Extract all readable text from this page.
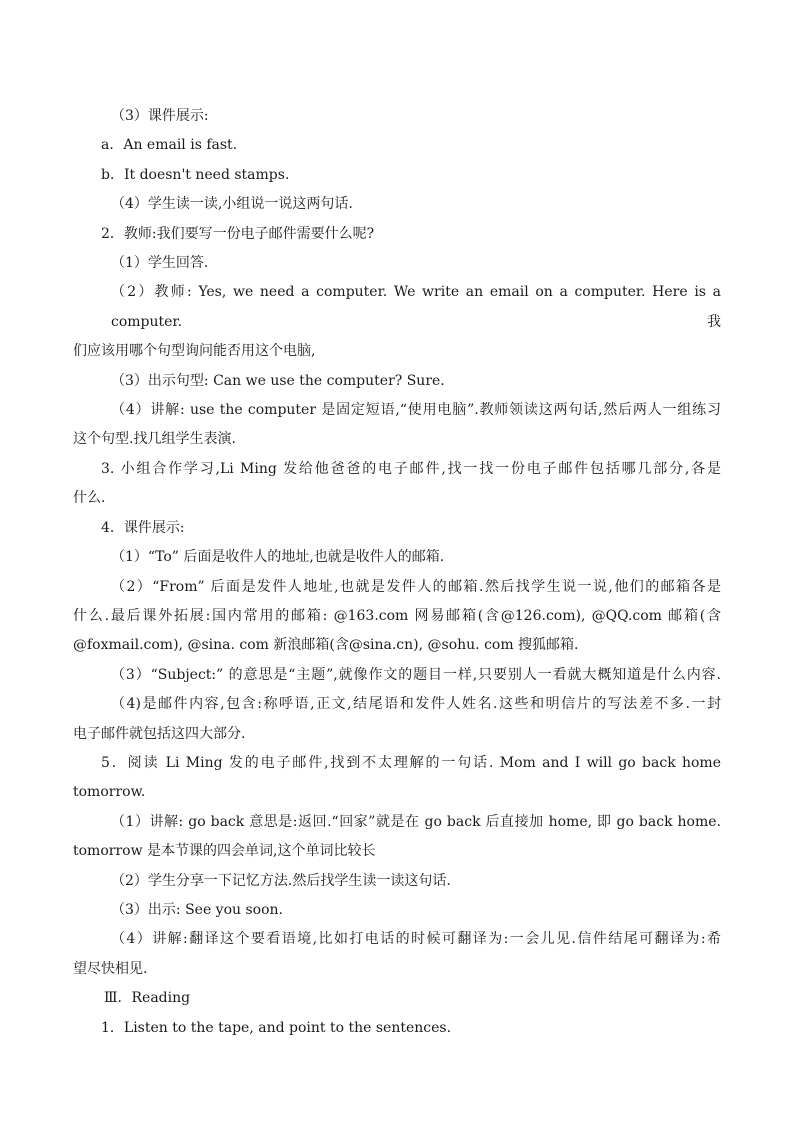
（3）课件展示:

a．An email is fast.

b．It doesn't need stamps.

（4）学生读一读,小组说一说这两句话.

2．教师:我们要写一份电子邮件需要什么呢?

（1）学生回答.

（2）教师: Yes, we need a computer. We write an email on a computer. Here is a computer. 我

们应该用哪个句型询问能否用这个电脑,

（3）出示句型: Can we use the computer? Sure.

（4）讲解: use the computer 是固定短语,“使用电脑”.教师领读这两句话,然后两人一组练习

这个句型.找几组学生表演.

3. 小组合作学习,Li Ming 发给他爸爸的电子邮件,找一找一份电子邮件包括哪几部分,各是

什么.

4．课件展示:

（1）“To” 后面是收件人的地址,也就是收件人的邮箱.

（2）“From” 后面是发件人地址,也就是发件人的邮箱.然后找学生说一说,他们的邮箱各是

什么.最后课外拓展:国内常用的邮箱: @163.com 网易邮箱(含@126.com), @QQ.com 邮箱(含

@foxmail.com), @sina. com 新浪邮箱(含@sina.cn), @sohu. com 搜狐邮箱.

（3）“Subject:” 的意思是“主题”,就像作文的题目一样,只要别人一看就大概知道是什么内容.

（4)是邮件内容,包含:称呼语,正文,结尾语和发件人姓名.这些和明信片的写法差不多.一封

电子邮件就包括这四大部分.

5．阅读 Li Ming 发的电子邮件,找到不太理解的一句话. Mom and I will go back home

tomorrow.

（1）讲解: go back 意思是:返回.“回家”就是在 go back 后直接加 home, 即 go back home.

tomorrow 是本节课的四会单词,这个单词比较长

（2）学生分享一下记忆方法.然后找学生读一读这句话.

（3）出示: See you soon.

（4）讲解:翻译这个要看语境,比如打电话的时候可翻译为:一会儿见.信件结尾可翻译为:希

望尽快相见.

Ⅲ．Reading

1．Listen to the tape, and point to the sentences.
